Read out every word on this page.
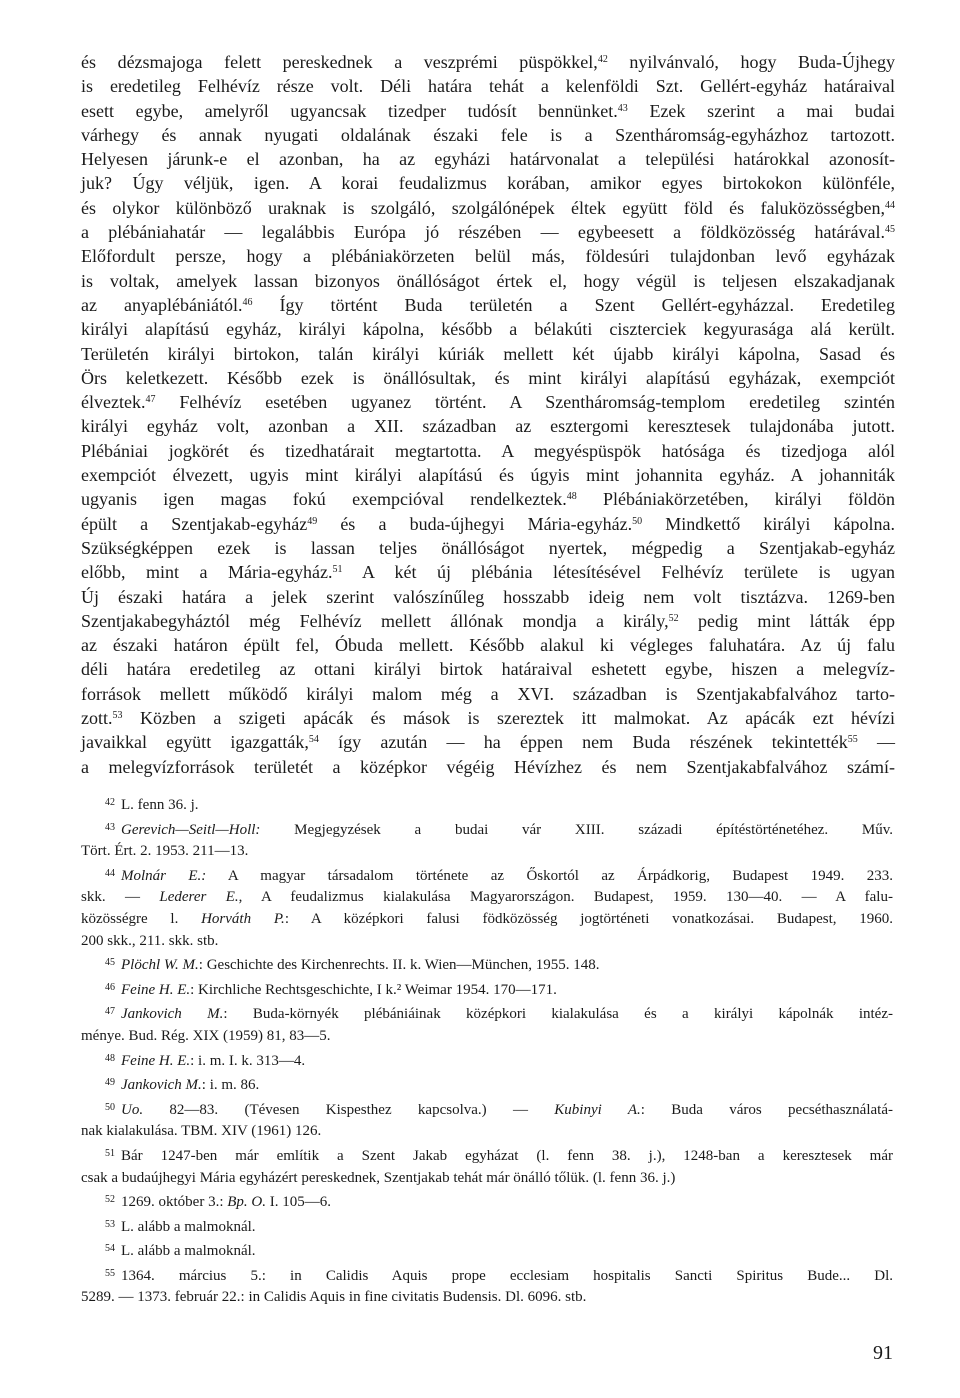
és dézsmajoga felett pereskednek a veszprémi püspökkel,$^{42}$ nyilvánvaló, hogy Buda-Újhegy
is eredetileg Felhévíz része volt. Déli határa tehát a kelenföldi Szt. Gellért-egyház határaival
esett egybe, amelyről ugyancsak tizedper tudósít bennünket.$^{43}$ Ezek szerint a mai budai
várhegy és annak nyugati oldalának északi fele is a Szentháromság-egyházhoz tartozott.
Helyesen járunk-e el azonban, ha az egyházi határvonalat a települési határokkal azonosít-
juk? Úgy véljük, igen. A korai feudalizmus korában, amikor egyes birtokokon különféle,
és olykor különböző uraknak is szolgáló, szolgálónépek éltek együtt föld és faluközösségben,$^{44}$
a plébániahatár — legalábbis Európa jó részében — egybeesett a földközösség határával.$^{45}$
Előfordult persze, hogy a plébániakörzeten belül más, földesúri tulajdonban levő egyházak
is voltak, amelyek lassan bizonyos önállóságot értek el, hogy végül is teljesen elszakadjanak
az anyaplébániától.$^{46}$ Így történt Buda területén a Szent Gellért-egyházzal. Eredetileg
királyi alapítású egyház, királyi kápolna, később a bélakúti ciszterciek kegyurasága alá került.
Területén királyi birtokon, talán királyi kúriák mellett két újabb királyi kápolna, Sasad és
Örs keletkezett. Később ezek is önállósultak, és mint királyi alapítású egyházak, exempciót
élveztek.$^{47}$ Felhévíz esetében ugyanez történt. A Szentháromság-templom eredetileg szintén
királyi egyház volt, azonban a XII. században az esztergomi keresztesek tulajdonába jutott.
Plébániai jogkörét és tizedhatárait megtartotta. A megyéspüspök hatósága és tizedjoga alól
exempciót élvezett, ugyis mint királyi alapítású és úgyis mint johannita egyház. A johanniták
ugyanis igen magas fokú exempcióval rendelkeztek.$^{48}$ Plébániakörzetében, királyi földön
épült a Szentjakab-egyház$^{49}$ és a buda-újhegyi Mária-egyház.$^{50}$ Mindkettő királyi kápolna.
Szükségképpen ezek is lassan teljes önállóságot nyertek, mégpedig a Szentjakab-egyház
előbb, mint a Mária-egyház.$^{51}$ A két új plébánia létesítésével Felhévíz területe is ugyan
Új északi határa a jelek szerint valószínűleg hosszabb ideig nem volt tisztázva. 1269-ben
Szentjakabegyháztól még Felhévíz mellett állónak mondja a király,$^{52}$ pedig mint látták épp
az északi határon épült fel, Óbuda mellett. Később alakul ki végleges faluhatára. Az új falu
déli határa eredetileg az ottani királyi birtok határaival eshetett egybe, hiszen a melegvíz-
források mellett működő királyi malom még a XVI. században is Szentjakabfalvához tarto-
zott.$^{53}$ Közben a szigeti apácák és mások is szereztek itt malmokat. Az apácák ezt hévízi
javaikkal együtt igazgatták,$^{54}$ így azután — ha éppen nem Buda részének tekintették$^{55}$ —
a melegvízforrások területét a középkor végéig Hévízhez és nem Szentjakabfalvához számí-
$^{42}$ L. fenn 36. j.
$^{43}$ Gerevich—Seitl—Holl: Megjegyzések a budai vár XIII. századi építéstörténetéhez. Műv.
Tört. Ért. 2. 1953. 211—13.
$^{44}$ Molnár E.: A magyar társadalom története az Őskortól az Árpádkorig, Budapest 1949. 233.
skk. — Lederer E., A feudalizmus kialakulása Magyarországon. Budapest, 1959. 130—40. — A falu-
közösségre l. Horváth P.: A középkori falusi födközösség jogtörténeti vonatkozásai. Budapest, 1960.
200 skk., 211. skk. stb.
$^{45}$ Plöchl W. M.: Geschichte des Kirchenrechts. II. k. Wien—München, 1955. 148.
$^{46}$ Feine H. E.: Kirchliche Rechtsgeschichte, I k.² Weimar 1954. 170—171.
$^{47}$ Jankovich M.: Buda-környék plébániáinak középkori kialakulása és a királyi kápolnák intéz-
ménye. Bud. Rég. XIX (1959) 81, 83—5.
$^{48}$ Feine H. E.: i. m. I. k. 313—4.
$^{49}$ Jankovich M.: i. m. 86.
$^{50}$ Uo. 82—83. (Tévesen Kispesthez kapcsolva.) — Kubinyi A.: Buda város pecséthasználatá-
nak kialakulása. TBM. XIV (1961) 126.
$^{51}$ Bár 1247-ben már említik a Szent Jakab egyházat (l. fenn 38. j.), 1248-ban a keresztesek már
csak a budaújhegyi Mária egyházért pereskednek, Szentjakab tehát már önálló tőlük. (l. fenn 36. j.)
$^{52}$ 1269. október 3.: Bp. O. I. 105—6.
$^{53}$ L. alább a malmoknál.
$^{54}$ L. alább a malmoknál.
$^{55}$ 1364. március 5.: in Calidis Aquis prope ecclesiam hospitalis Sancti Spiritus Bude... Dl.
5289. — 1373. február 22.: in Calidis Aquis in fine civitatis Budensis. Dl. 6096. stb.
91
